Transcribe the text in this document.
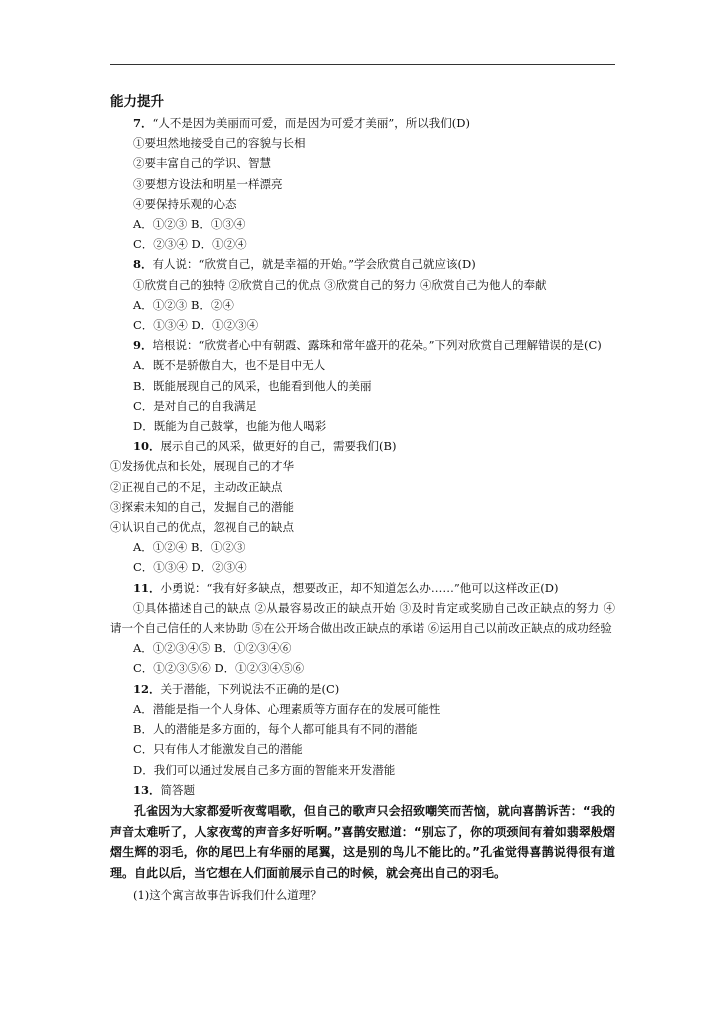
能力提升
7．“人不是因为美丽而可爱，而是因为可爱才美丽”，所以我们(D)
①要坦然地接受自己的容貌与长相
②要丰富自己的学识、智慧
③要想方设法和明星一样漂亮
④要保持乐观的心态
A．①②③ B．①③④
C．②③④ D．①②④
8．有人说：“欣赏自己，就是幸福的开始。”学会欣赏自己就应该(D)
①欣赏自己的独特 ②欣赏自己的优点 ③欣赏自己的努力 ④欣赏自己为他人的奉献
A．①②③ B．②④
C．①③④ D．①②③④
9．培根说：“欣赏者心中有朝霞、露珠和常年盛开的花朵。”下列对欣赏自己理解错误的是(C)
A．既不是骄傲自大，也不是目中无人
B．既能展现自己的风采，也能看到他人的美丽
C．是对自己的自我满足
D．既能为自己鼓掌，也能为他人喝彩
10．展示自己的风采，做更好的自己，需要我们(B)
①发扬优点和长处，展现自己的才华
②正视自己的不足，主动改正缺点
③探索未知的自己，发掘自己的潜能
④认识自己的优点，忽视自己的缺点
A．①②④ B．①②③
C．①③④ D．②③④
11．小勇说：“我有好多缺点，想要改正，却不知道怎么办……”他可以这样改正(D)
①具体描述自己的缺点 ②从最容易改正的缺点开始 ③及时肯定或奖励自己改正缺点的努力 ④请一个自己信任的人来协助 ⑤在公开场合做出改正缺点的承诺 ⑥运用自己以前改正缺点的成功经验
A．①②③④⑤ B．①②③④⑥
C．①②③⑤⑥ D．①②③④⑤⑥
12．关于潜能，下列说法不正确的是(C)
A．潜能是指一个人身体、心理素质等方面存在的发展可能性
B．人的潜能是多方面的，每个人都可能具有不同的潜能
C．只有伟人才能激发自己的潜能
D．我们可以通过发展自己多方面的智能来开发潜能
13．简答题
孔雀因为大家都爱听夜莺唱歌，但自己的歌声只会招致嘲笑而苦恼，就向喜鹊诉苦：“我的声音太难听了，人家夜莺的声音多好听啊。”喜鹊安慰道：“别忘了，你的项颈间有着如翡翠般熠熠生辉的羽毛，你的尾巴上有华丽的尾翼，这是别的鸟儿不能比的。”孔雀觉得喜鹊说得很有道理。自此以后，当它想在人们面前展示自己的时候，就会亮出自己的羽毛。
(1)这个寓言故事告诉我们什么道理？
